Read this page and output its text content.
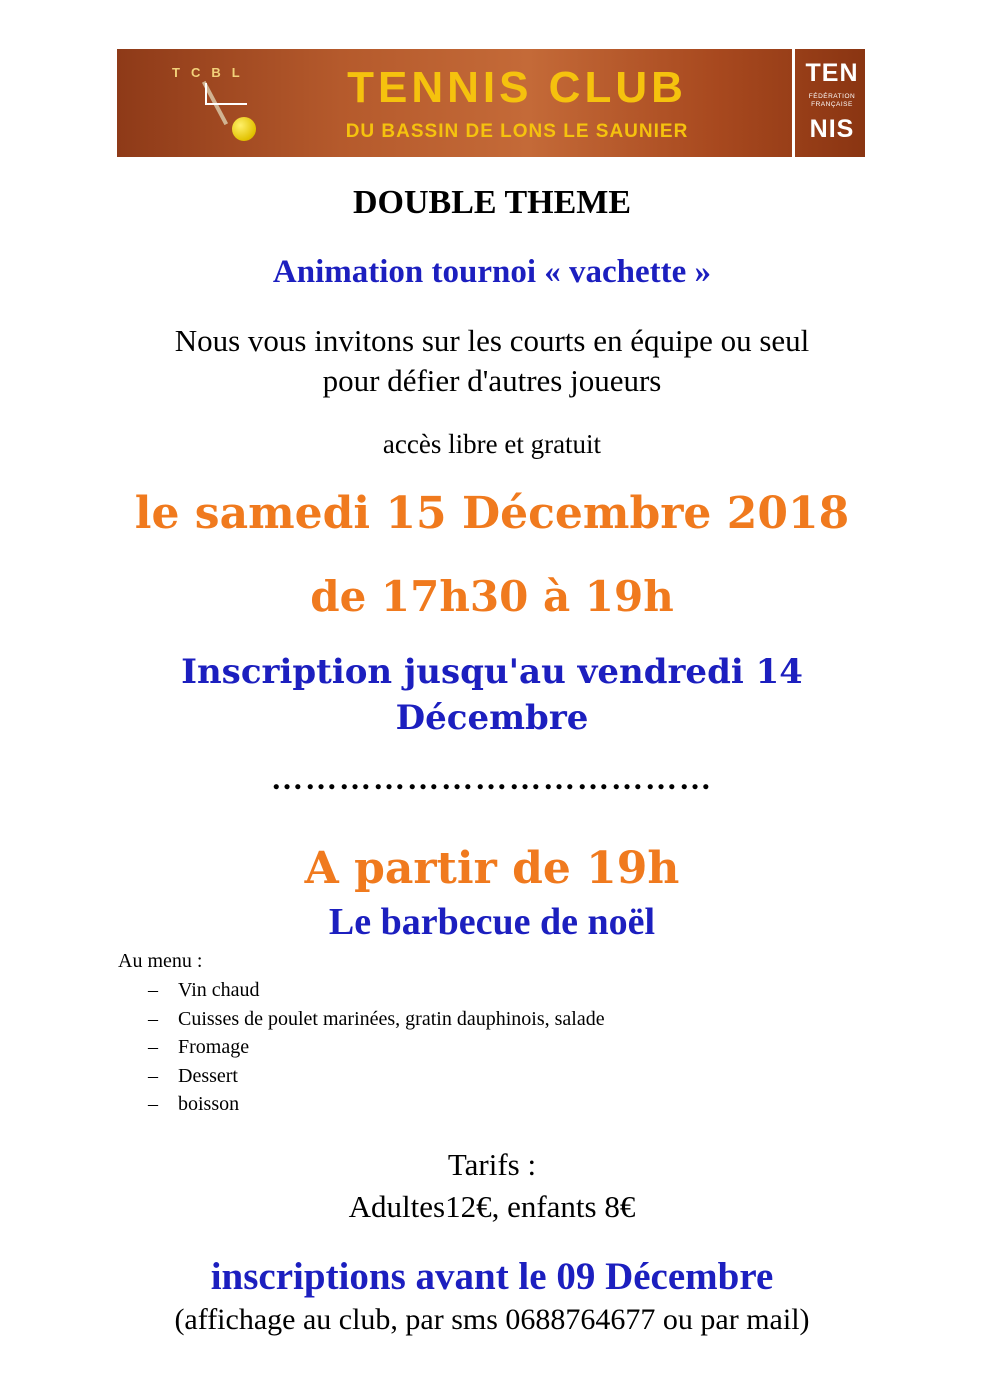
TCBL	TENNIS CLUB
DU BASSIN DE LONS LE SAUNIER
TEN
FÉDÉRATION FRANÇAISE
NIS
DOUBLE THEME
Animation tournoi « vachette »
Nous vous invitons sur les courts en équipe ou seul
pour défier d'autres joueurs
accès libre et gratuit
le samedi 15 Décembre 2018
de 17h30 à 19h
Inscription jusqu'au vendredi 14
Décembre
…………………………………
A partir de 19h
Le barbecue de noël
Au menu :
–	Vin chaud
–	Cuisses de poulet marinées, gratin dauphinois, salade
–	Fromage
–	Dessert
–	boisson
Tarifs :
Adultes12€, enfants 8€
inscriptions avant le 09 Décembre
(affichage au club, par sms 0688764677 ou par mail)
